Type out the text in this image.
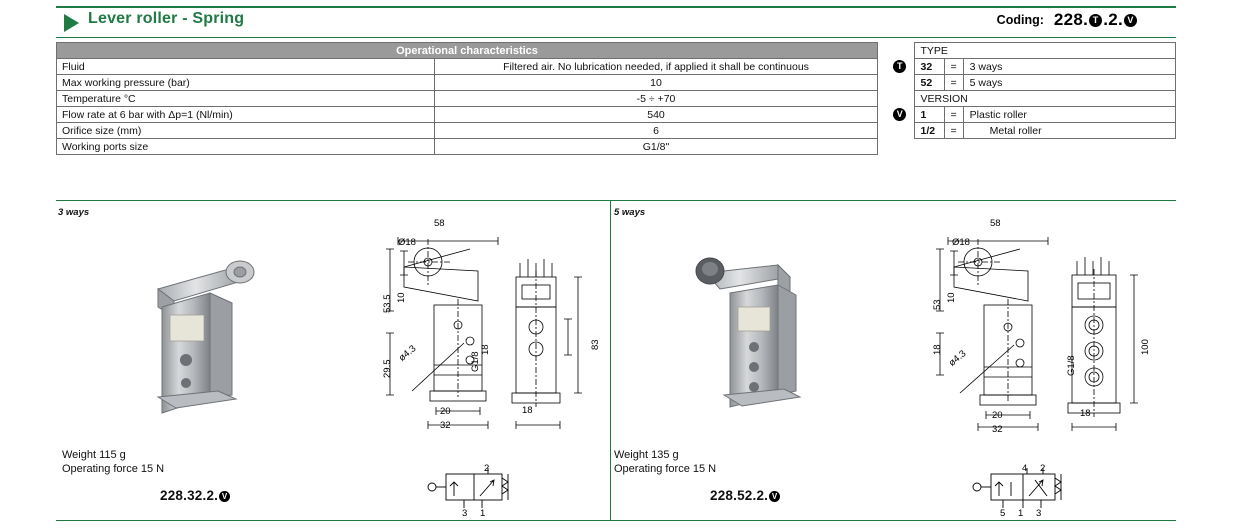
Lever roller - Spring	Coding: 228. T .2. V
Operational characteristics	
Fluid	Filtered air. No lubrication needed, if applied it shall be continuous
Max working pressure (bar)	10
Temperature °C	-5 ÷ +70
Flow rate at 6 bar with Δp=1 (Nl/min)	540
Orifice size (mm)	6
Working ports size	G1/8"
	TYPE		
T	32	=	3 ways
	52	=	5 ways
	VERSION		
V	1	=	Plastic roller
	1/2	=	Metal roller
3 ways
58
Ø18
53.5 10
29.5
ø4.3	18	83
20
32
G1/8
18
Weight 115 g
Operating force 15 N
228.32.2. V
2
3 1
5 ways
58
Ø18
53
10
18 ø4.3
100
20
32
G1/8
18
Weight 135 g
Operating force 15 N
228.52.2. V
4 2
5 1 3
